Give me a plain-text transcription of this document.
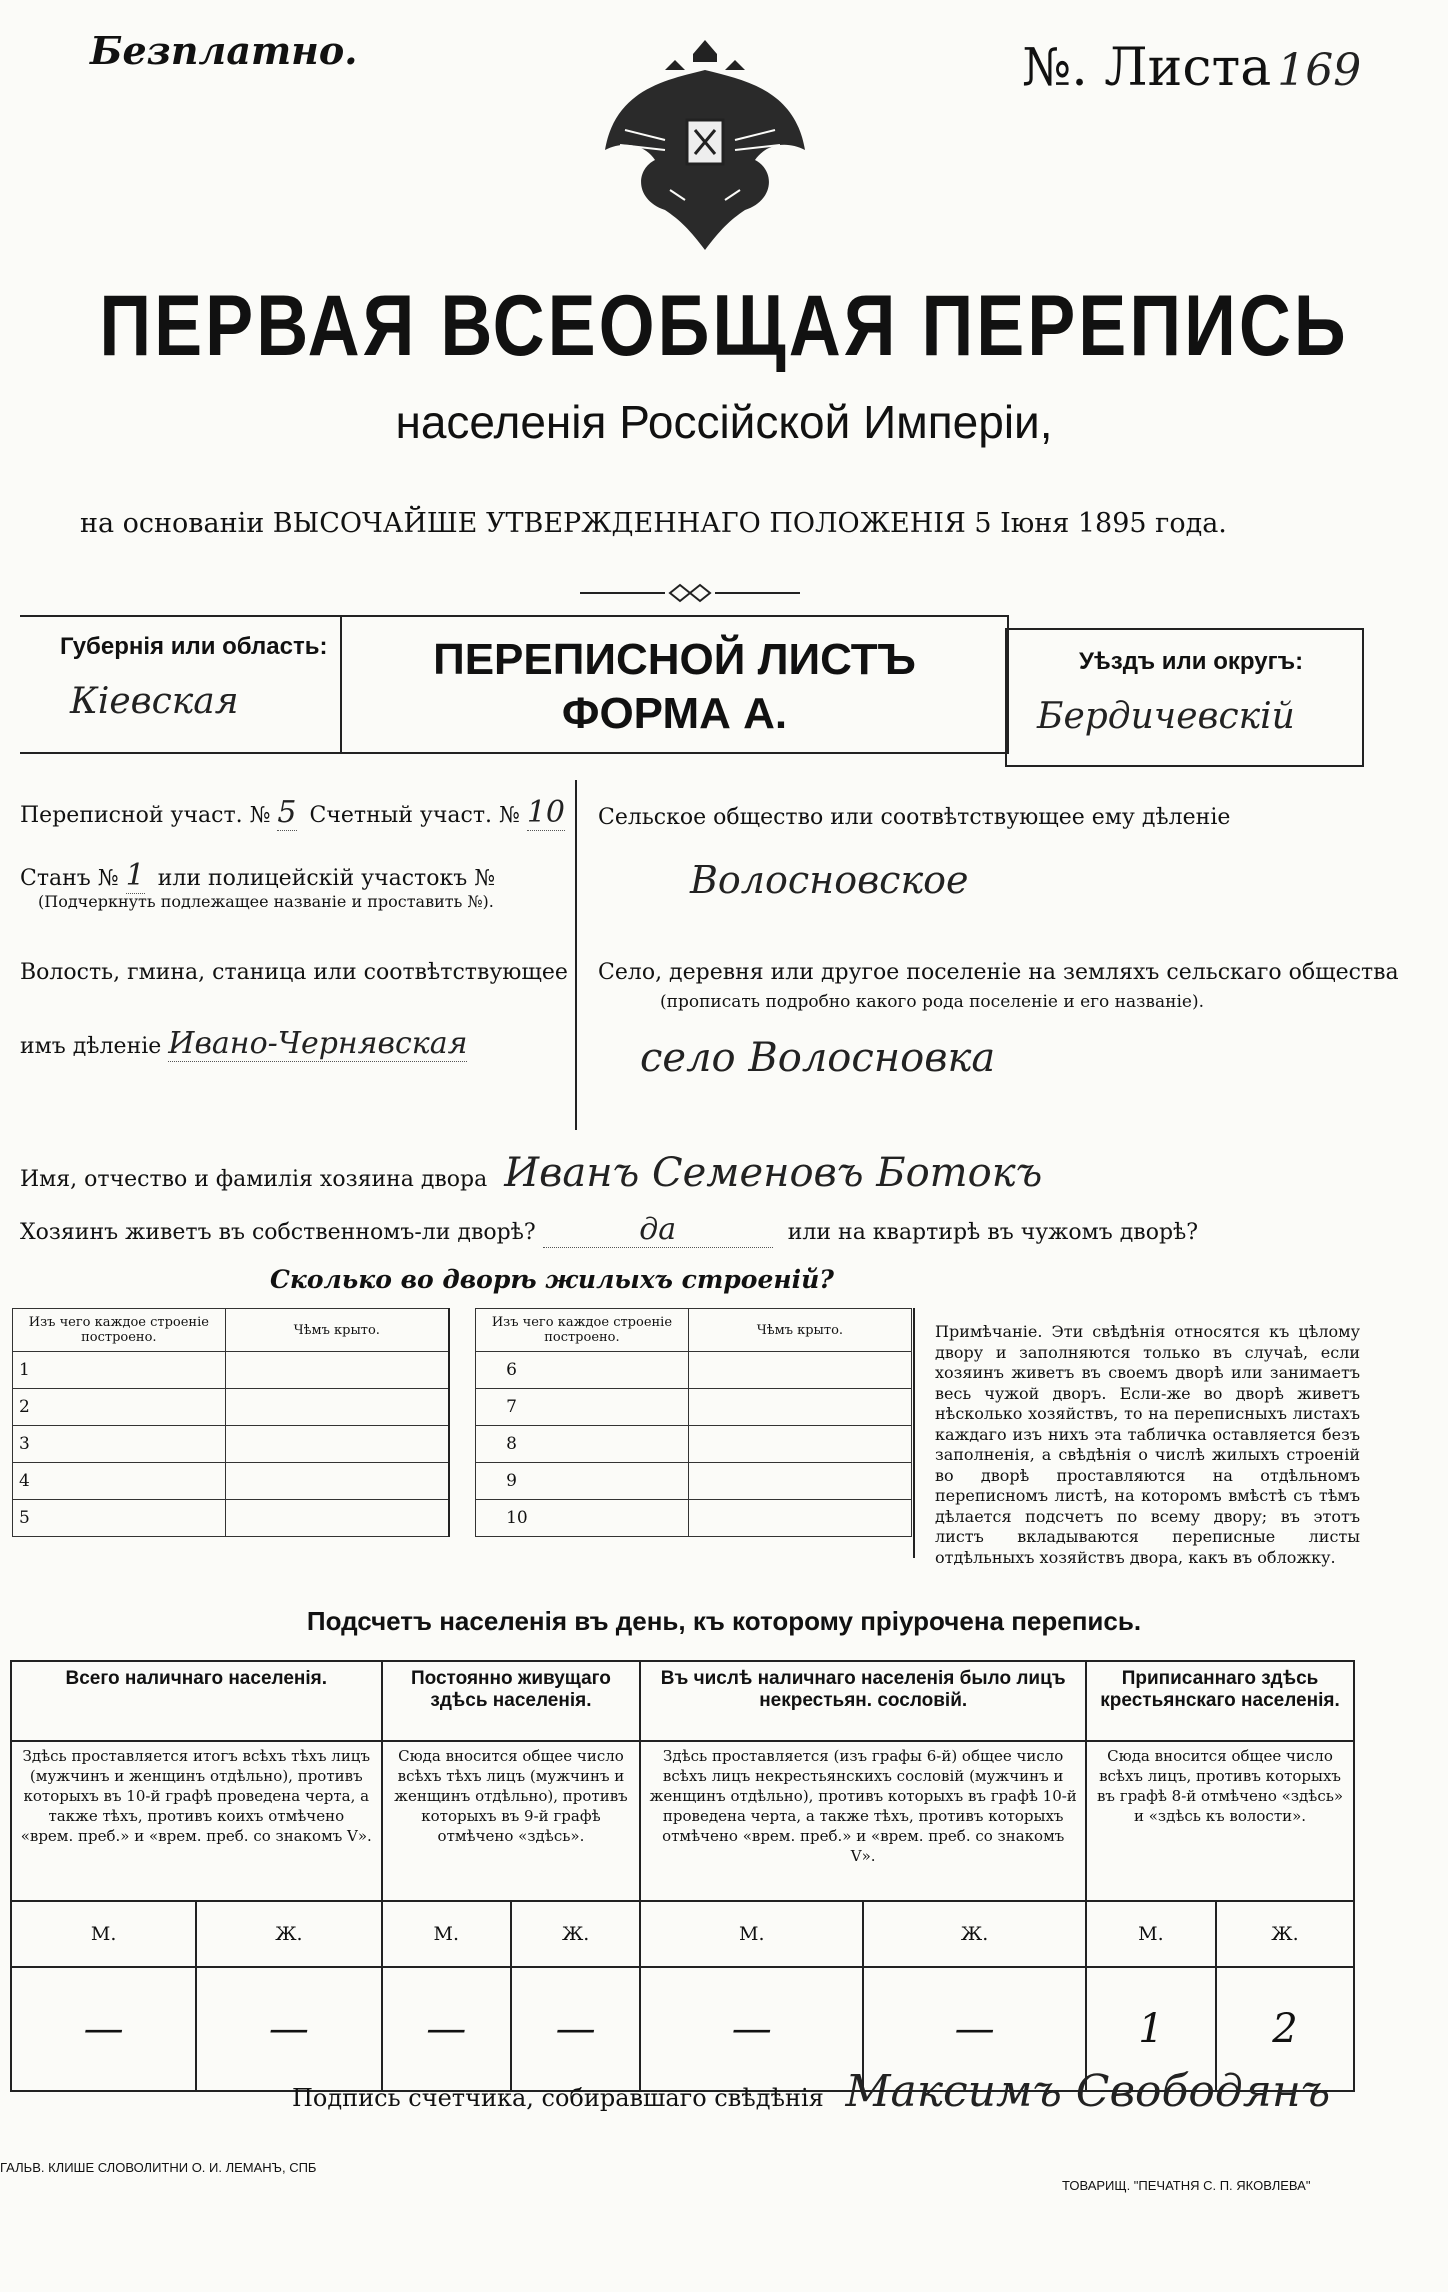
Безплатно.	№. Листа 169
ПЕРВАЯ ВСЕОБЩАЯ ПЕРЕПИСЬ
населенія Россійской Имперіи,
на основаніи ВЫСОЧАЙШЕ УТВЕРЖДЕННАГО ПОЛОЖЕНІЯ 5 Іюня 1895 года.
Губернія или область:
Кіевская
ПЕРЕПИСНОЙ ЛИСТЪ
ФОРМА А.
Уѣздъ или округъ:
Бердичевскій
Переписной участ. № 5 Счетный участ. № 10
Станъ № 1 или полицейскій участокъ №
(Подчеркнуть подлежащее названіе и проставить №).
Волость, гмина, станица или соотвѣтствующее
имъ дѣленіе Ивано-Чернявская
Сельское общество или соотвѣтствующее ему дѣленіе
Волосновское
Село, деревня или другое поселеніе на земляхъ сельскаго общества
(прописать подробно какого рода поселеніе и его названіе).
село Волосновка
Имя, отчество и фамилія хозяина двора Иванъ Семеновъ Ботокъ
Хозяинъ живетъ въ собственномъ-ли дворѣ?	да	или на квартирѣ въ чужомъ дворѣ?
Сколько во дворѣ жилыхъ строеній?
Изъ чего каждое строеніе построено.	Чѣмъ крыто.		Изъ чего каждое строеніе построено.	Чѣмъ крыто.
1			6	
2			7	
3			8	
4			9	
5			10	
Примѣчаніе. Эти свѣдѣнія относятся къ цѣлому двору и заполняются только въ случаѣ, если хозяинъ живетъ въ своемъ дворѣ или занимаетъ весь чужой дворъ. Если-же во дворѣ живетъ нѣсколько хозяйствъ, то на переписныхъ листахъ каждаго изъ нихъ эта табличка оставляется безъ заполненія, а свѣдѣнія о числѣ жилыхъ строеній во дворѣ проставляются на отдѣльномъ переписномъ листѣ, на которомъ вмѣстѣ съ тѣмъ дѣлается подсчетъ по всему двору; въ этотъ листъ вкладываются переписные листы отдѣльныхъ хозяйствъ двора, какъ въ обложку.
Подсчетъ населенія въ день, къ которому пріурочена перепись.
Всего наличнаго населенія.		Постоянно живущаго здѣсь населенія.		Въ числѣ наличнаго населенія было лицъ некрестьян. сословій.		Приписаннаго здѣсь крестьянскаго населенія.	
Здѣсь проставляется итогъ всѣхъ тѣхъ лицъ (мужчинъ и женщинъ отдѣльно), противъ которыхъ въ 10-й графѣ проведена черта, а также тѣхъ, противъ коихъ отмѣчено «врем. преб.» и «врем. преб. со знакомъ V».		Сюда вносится общее число всѣхъ тѣхъ лицъ (мужчинъ и женщинъ отдѣльно), противъ которыхъ въ 9-й графѣ отмѣчено «здѣсь».		Здѣсь проставляется (изъ графы 6-й) общее число всѣхъ лицъ некрестьянскихъ сословій (мужчинъ и женщинъ отдѣльно), противъ которыхъ въ графѣ 10-й проведена черта, а также тѣхъ, противъ которыхъ отмѣчено «врем. преб.» и «врем. преб. со знакомъ V».		Сюда вносится общее число всѣхъ лицъ, противъ которыхъ въ графѣ 8-й отмѣчено «здѣсь» и «здѣсь къ волости».	
М.	Ж.	М.	Ж.	М.	Ж.	М.	Ж.
—	—	—	—	—	—	1	2
Подпись счетчика, собиравшаго свѣдѣнія Максимъ Свободянъ
ГАЛЬВ. КЛИШЕ СЛОВОЛИТНИ О. И. ЛЕМАНЪ, СПБ
ТОВАРИЩ. "ПЕЧАТНЯ С. П. ЯКОВЛЕВА"
